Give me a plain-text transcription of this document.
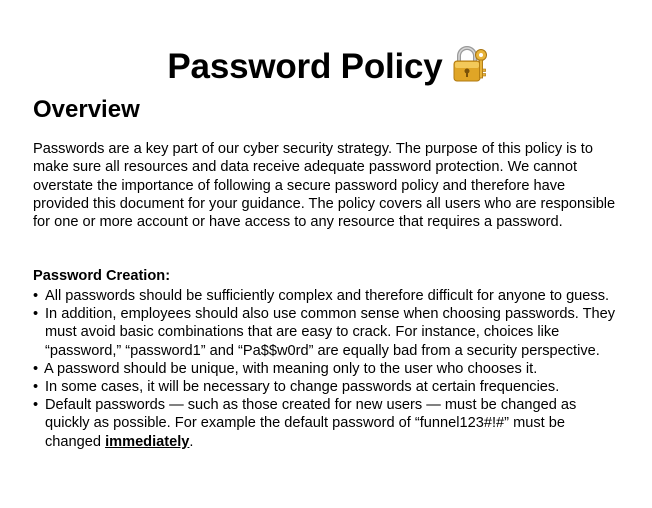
Password Policy
Overview

Passwords are a key part of our cyber security strategy. The purpose of this policy is to make sure all resources and data receive adequate password protection. We cannot overstate the importance of following a secure password policy and therefore have provided this document for your guidance. The policy covers all users who are responsible for one or more account or have access to any resource that requires a password.

Password Creation:

• All passwords should be sufficiently complex and therefore difficult for anyone to guess.
• In addition, employees should also use common sense when choosing passwords. They must avoid basic combinations that are easy to crack. For instance, choices like “password,” “password1” and “Pa$$w0rd” are equally bad from a security perspective.
• A password should be unique, with meaning only to the user who chooses it.
• In some cases, it will be necessary to change passwords at certain frequencies.
• Default passwords — such as those created for new users — must be changed as quickly as possible. For example the default password of “funnel123#!#” must be changed immediately.
